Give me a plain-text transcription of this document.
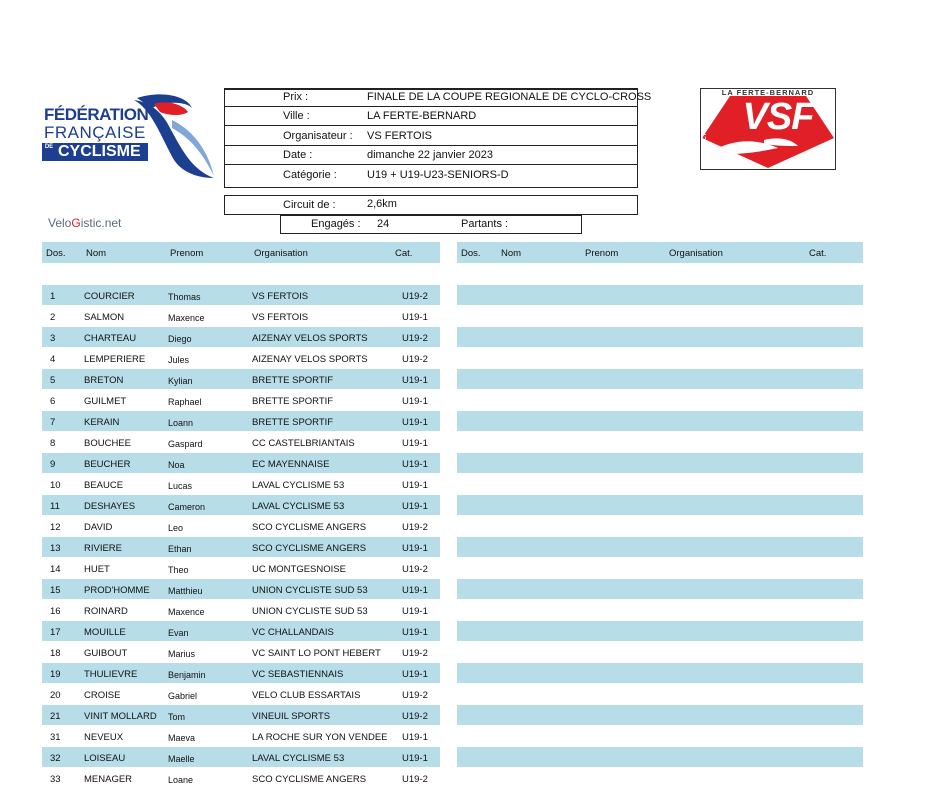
FÉDÉRATION
FRANÇAISE
DE CYCLISME
LA FERTE-BERNARD
VSF
CYCLISME
VeloGistic.net
Prix :	FINALE DE LA COUPE REGIONALE DE CYCLO-CROSS
Ville :	LA FERTE-BERNARD
Organisateur : VS FERTOIS
Date :	dimanche 22 janvier 2023
Catégorie :	U19 + U19-U23-SENIORS-D
Circuit de :	2,6km
Engagés : 24	Partants :
Dos. Nom	Prenom	Organisation	Cat.	Dos. Nom	Prenom	Organisation	Cat.
1	COURCIER	Thomas	VS FERTOIS	U19-2
2	SALMON	Maxence	VS FERTOIS	U19-1
3	CHARTEAU	Diego	AIZENAY VELOS SPORTS	U19-2
4	LEMPERIERE	Jules	AIZENAY VELOS SPORTS	U19-2
5	BRETON	Kylian	BRETTE SPORTIF	U19-1
6	GUILMET	Raphael	BRETTE SPORTIF	U19-1
7	KERAIN	Loann	BRETTE SPORTIF	U19-1
8	BOUCHEE	Gaspard	CC CASTELBRIANTAIS	U19-1
9	BEUCHER	Noa	EC MAYENNAISE	U19-1
10	BEAUCE	Lucas	LAVAL CYCLISME 53	U19-1
11	DESHAYES	Cameron	LAVAL CYCLISME 53	U19-1
12	DAVID	Leo	SCO CYCLISME ANGERS	U19-2
13	RIVIERE	Ethan	SCO CYCLISME ANGERS	U19-1
14	HUET	Theo	UC MONTGESNOISE	U19-2
15	PROD'HOMME	Matthieu	UNION CYCLISTE SUD 53	U19-1
16	ROINARD	Maxence	UNION CYCLISTE SUD 53	U19-1
17	MOUILLE	Evan	VC CHALLANDAIS	U19-1
18	GUIBOUT	Marius	VC SAINT LO PONT HEBERT	U19-2
19	THULIEVRE	Benjamin	VC SEBASTIENNAIS	U19-1
20	CROISE	Gabriel	VELO CLUB ESSARTAIS	U19-2
21	VINIT MOLLARD	Tom	VINEUIL SPORTS	U19-2
31	NEVEUX	Maeva	LA ROCHE SUR YON VENDEE U19-1
32	LOISEAU	Maelle	LAVAL CYCLISME 53	U19-1
33	MENAGER	Loane	SCO CYCLISME ANGERS	U19-2
